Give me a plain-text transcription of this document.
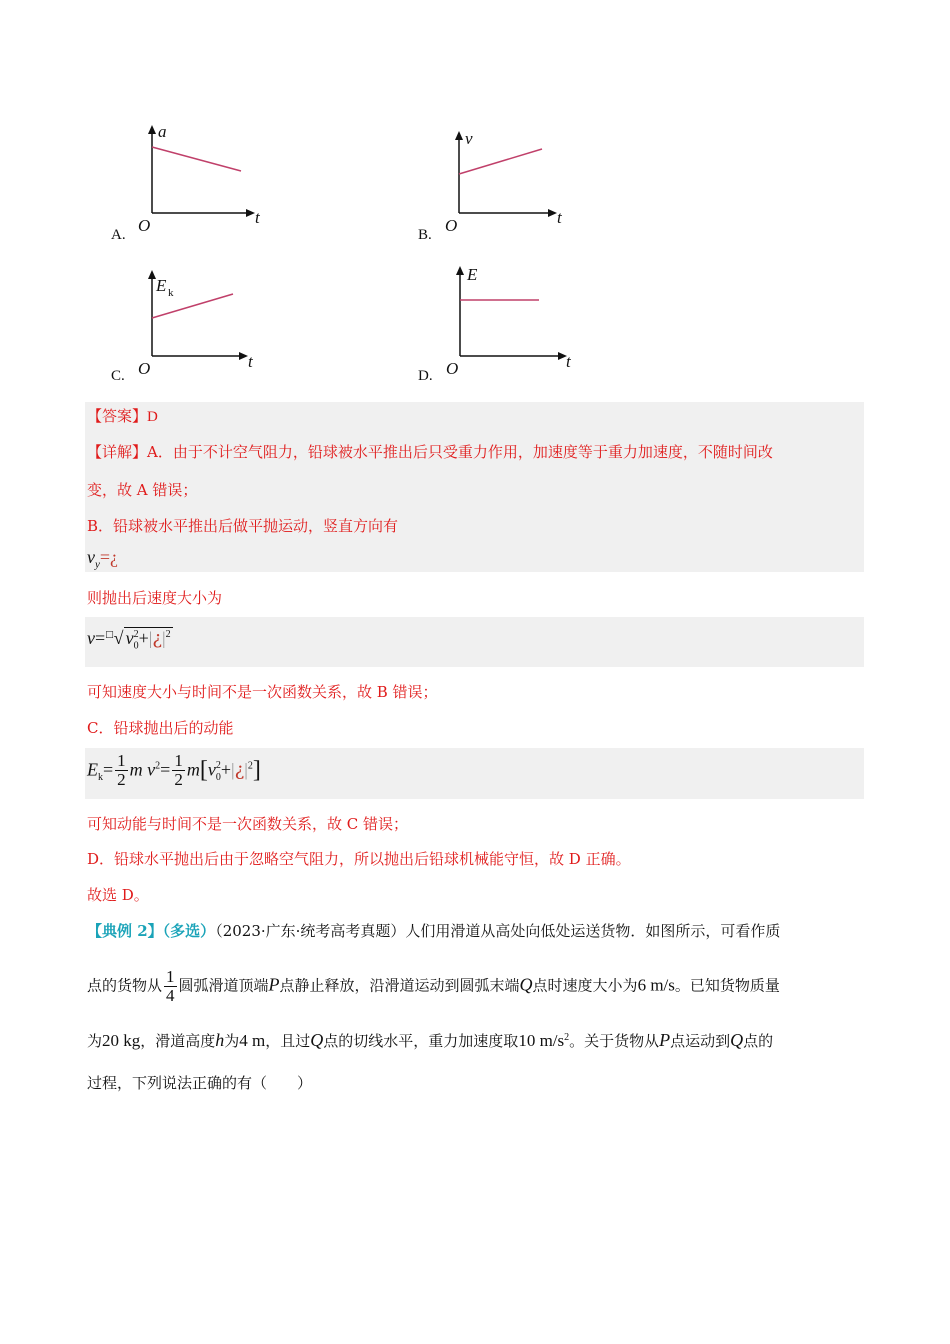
a
t
O
A.
v
t
O
B.
E k
t
O
C.
E
t
O
D.
【答案】D
【详解】A．由于不计空气阻力，铅球被水平推出后只受重力作用，加速度等于重力加速度，不随时间改
变，故 A 错误；
B．铅球被水平推出后做平抛运动，竖直方向有
$v_y=¿$
则抛出后速度大小为
v=□√ $v_0^2+|¿|^2$
可知速度大小与时间不是一次函数关系，故 B 错误；
C．铅球抛出后的动能
$E_k= \frac{1}{2}$ m $v^2= \frac{1}{2}$ $m[v_0^2+|¿|^2]$
可知动能与时间不是一次函数关系，故 C 错误；
D．铅球水平抛出后由于忽略空气阻力，所以抛出后铅球机械能守恒，故 D 正确。
故选 D。
【典例 2】（多选）（2023·广东·统考高考真题）人们用滑道从高处向低处运送货物．如图所示，可看作质
点的货物从 $\frac{1}{4}$ 圆弧滑道顶端P点静止释放，沿滑道运动到圆弧末端Q点时速度大小为6 m/s。已知货物质量
为20 kg，滑道高度h为4 m，且过Q点的切线水平，重力加速度取10 $m/s^2$。关于货物从P点运动到Q点的
过程，下列说法正确的有（　　）
